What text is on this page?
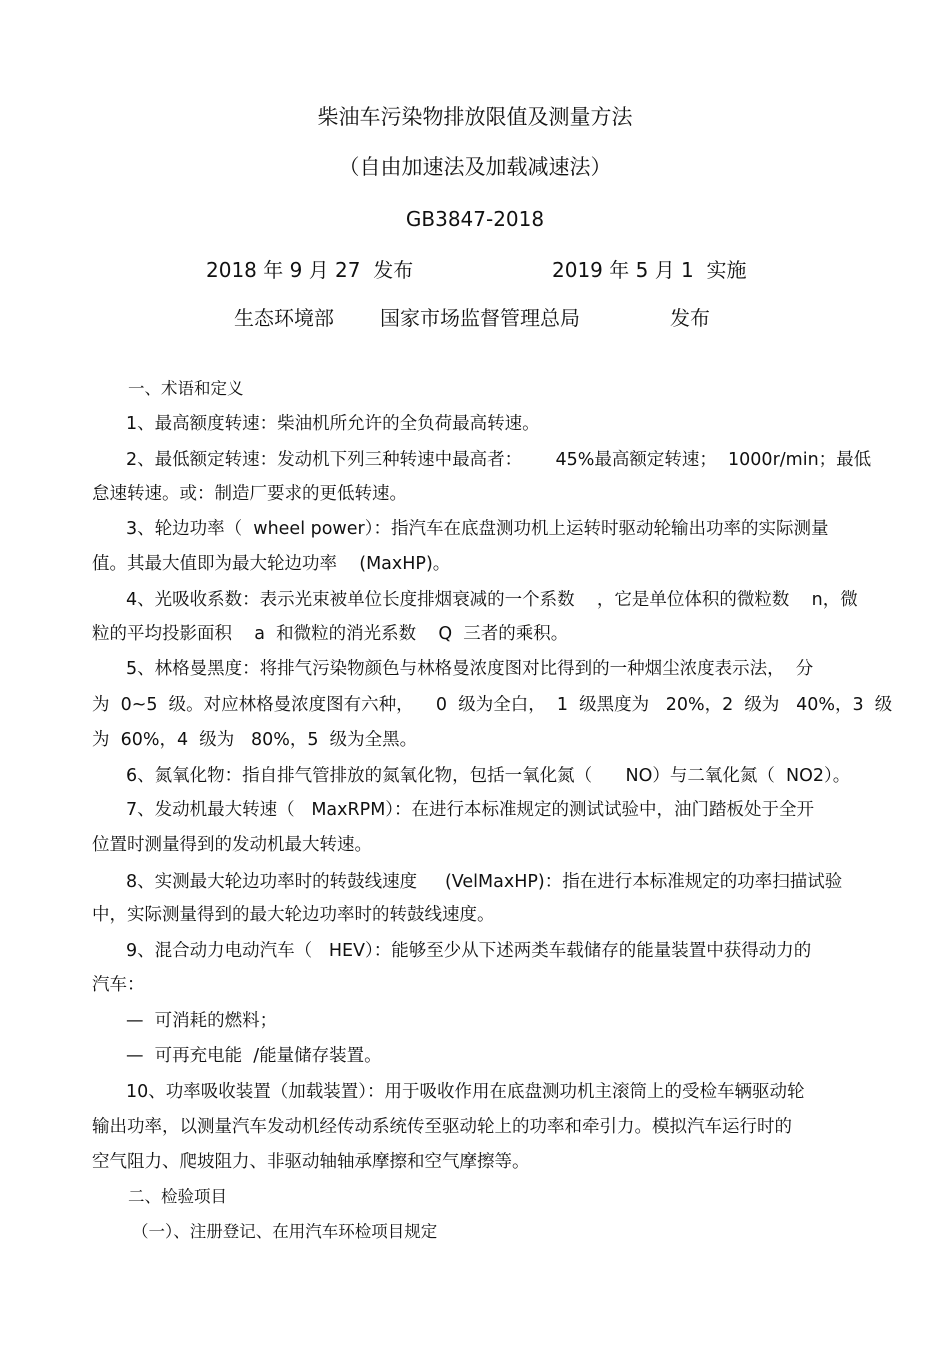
柴油车污染物排放限值及测量方法
（自由加速法及加载减速法）
GB3847-2018
2018 年 9 月 27  发布	2019 年 5 月 1  实施
生态环境部 国家市场监督管理总局	发布
一、术语和定义
1、最高额度转速：柴油机所允许的全负荷最高转速。
2、最低额定转速：发动机下列三种转速中最高者：      45%最高额定转速；  1000r/min；最低
怠速转速。或：制造厂要求的更低转速。
3、轮边功率（  wheel power）：指汽车在底盘测功机上运转时驱动轮输出功率的实际测量
值。其最大值即为最大轮边功率    (MaxHP)。
4、光吸收系数：表示光束被单位长度排烟衰减的一个系数    ，它是单位体积的微粒数    n，微
粒的平均投影面积    a  和微粒的消光系数    Q  三者的乘积。
5、林格曼黑度：将排气污染物颜色与林格曼浓度图对比得到的一种烟尘浓度表示法，  分
为  0~5  级。对应林格曼浓度图有六种，    0  级为全白，  1  级黑度为   20%，2  级为   40%，3  级
为  60%，4  级为   80%，5  级为全黑。
6、氮氧化物：指自排气管排放的氮氧化物，包括一氧化氮（      NO）与二氧化氮（  NO2）。
7、发动机最大转速（   MaxRPM）：在进行本标准规定的测试试验中，油门踏板处于全开
位置时测量得到的发动机最大转速。
8、实测最大轮边功率时的转鼓线速度     (VelMaxHP)：指在进行本标准规定的功率扫描试验
中，实际测量得到的最大轮边功率时的转鼓线速度。
9、混合动力电动汽车（   HEV）：能够至少从下述两类车载储存的能量装置中获得动力的
汽车：
—  可消耗的燃料；
—  可再充电能  /能量储存装置。
10、功率吸收装置（加载装置）：用于吸收作用在底盘测功机主滚筒上的受检车辆驱动轮
输出功率，以测量汽车发动机经传动系统传至驱动轮上的功率和牵引力。模拟汽车运行时的
空气阻力、爬坡阻力、非驱动轴轴承摩擦和空气摩擦等。
二、检验项目
（一）、注册登记、在用汽车环检项目规定
